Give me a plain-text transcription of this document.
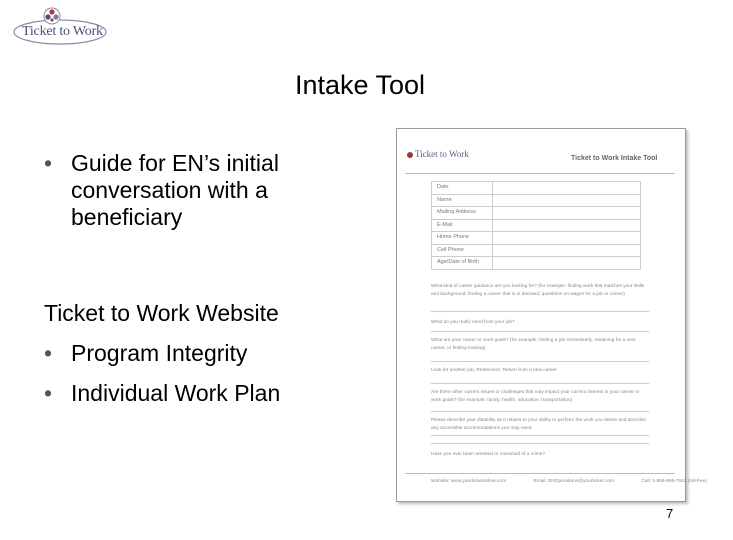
Ticket to Work
Intake Tool
• Guide for EN’s initial conversation with a beneficiary
Ticket to Work Website
• Program Integrity
• Individual Work Plan
Ticket to Work	Ticket to Work Intake Tool
Date
Name
Mailing Address
E-Mail
Home Phone
Cell Phone
Age/Date of Birth
What kind of career guidance are you looking for? (for example: finding work that matches your skills and background; finding a career that is in demand; questions on wages for a job or career)
What do you really need from your job?
What are your career or work goals? (for example: finding a job immediately, retraining for a new career, or finding training)
Look for another job, Retirement, Return from a new career
Are there other current issues or challenges that may impact your current interest in your career or work goals? (for example: family, health, education, transportation)
Please describe your disability as it relates to your ability to perform the work you desire and describe any accessible accommodations you may need
Have you ever been arrested or convicted of a crime?
Website: www.yourticketonline.com	Email: ENOperations@yourticket.com	Call: 1-866-968-7842 (toll-free)
7
